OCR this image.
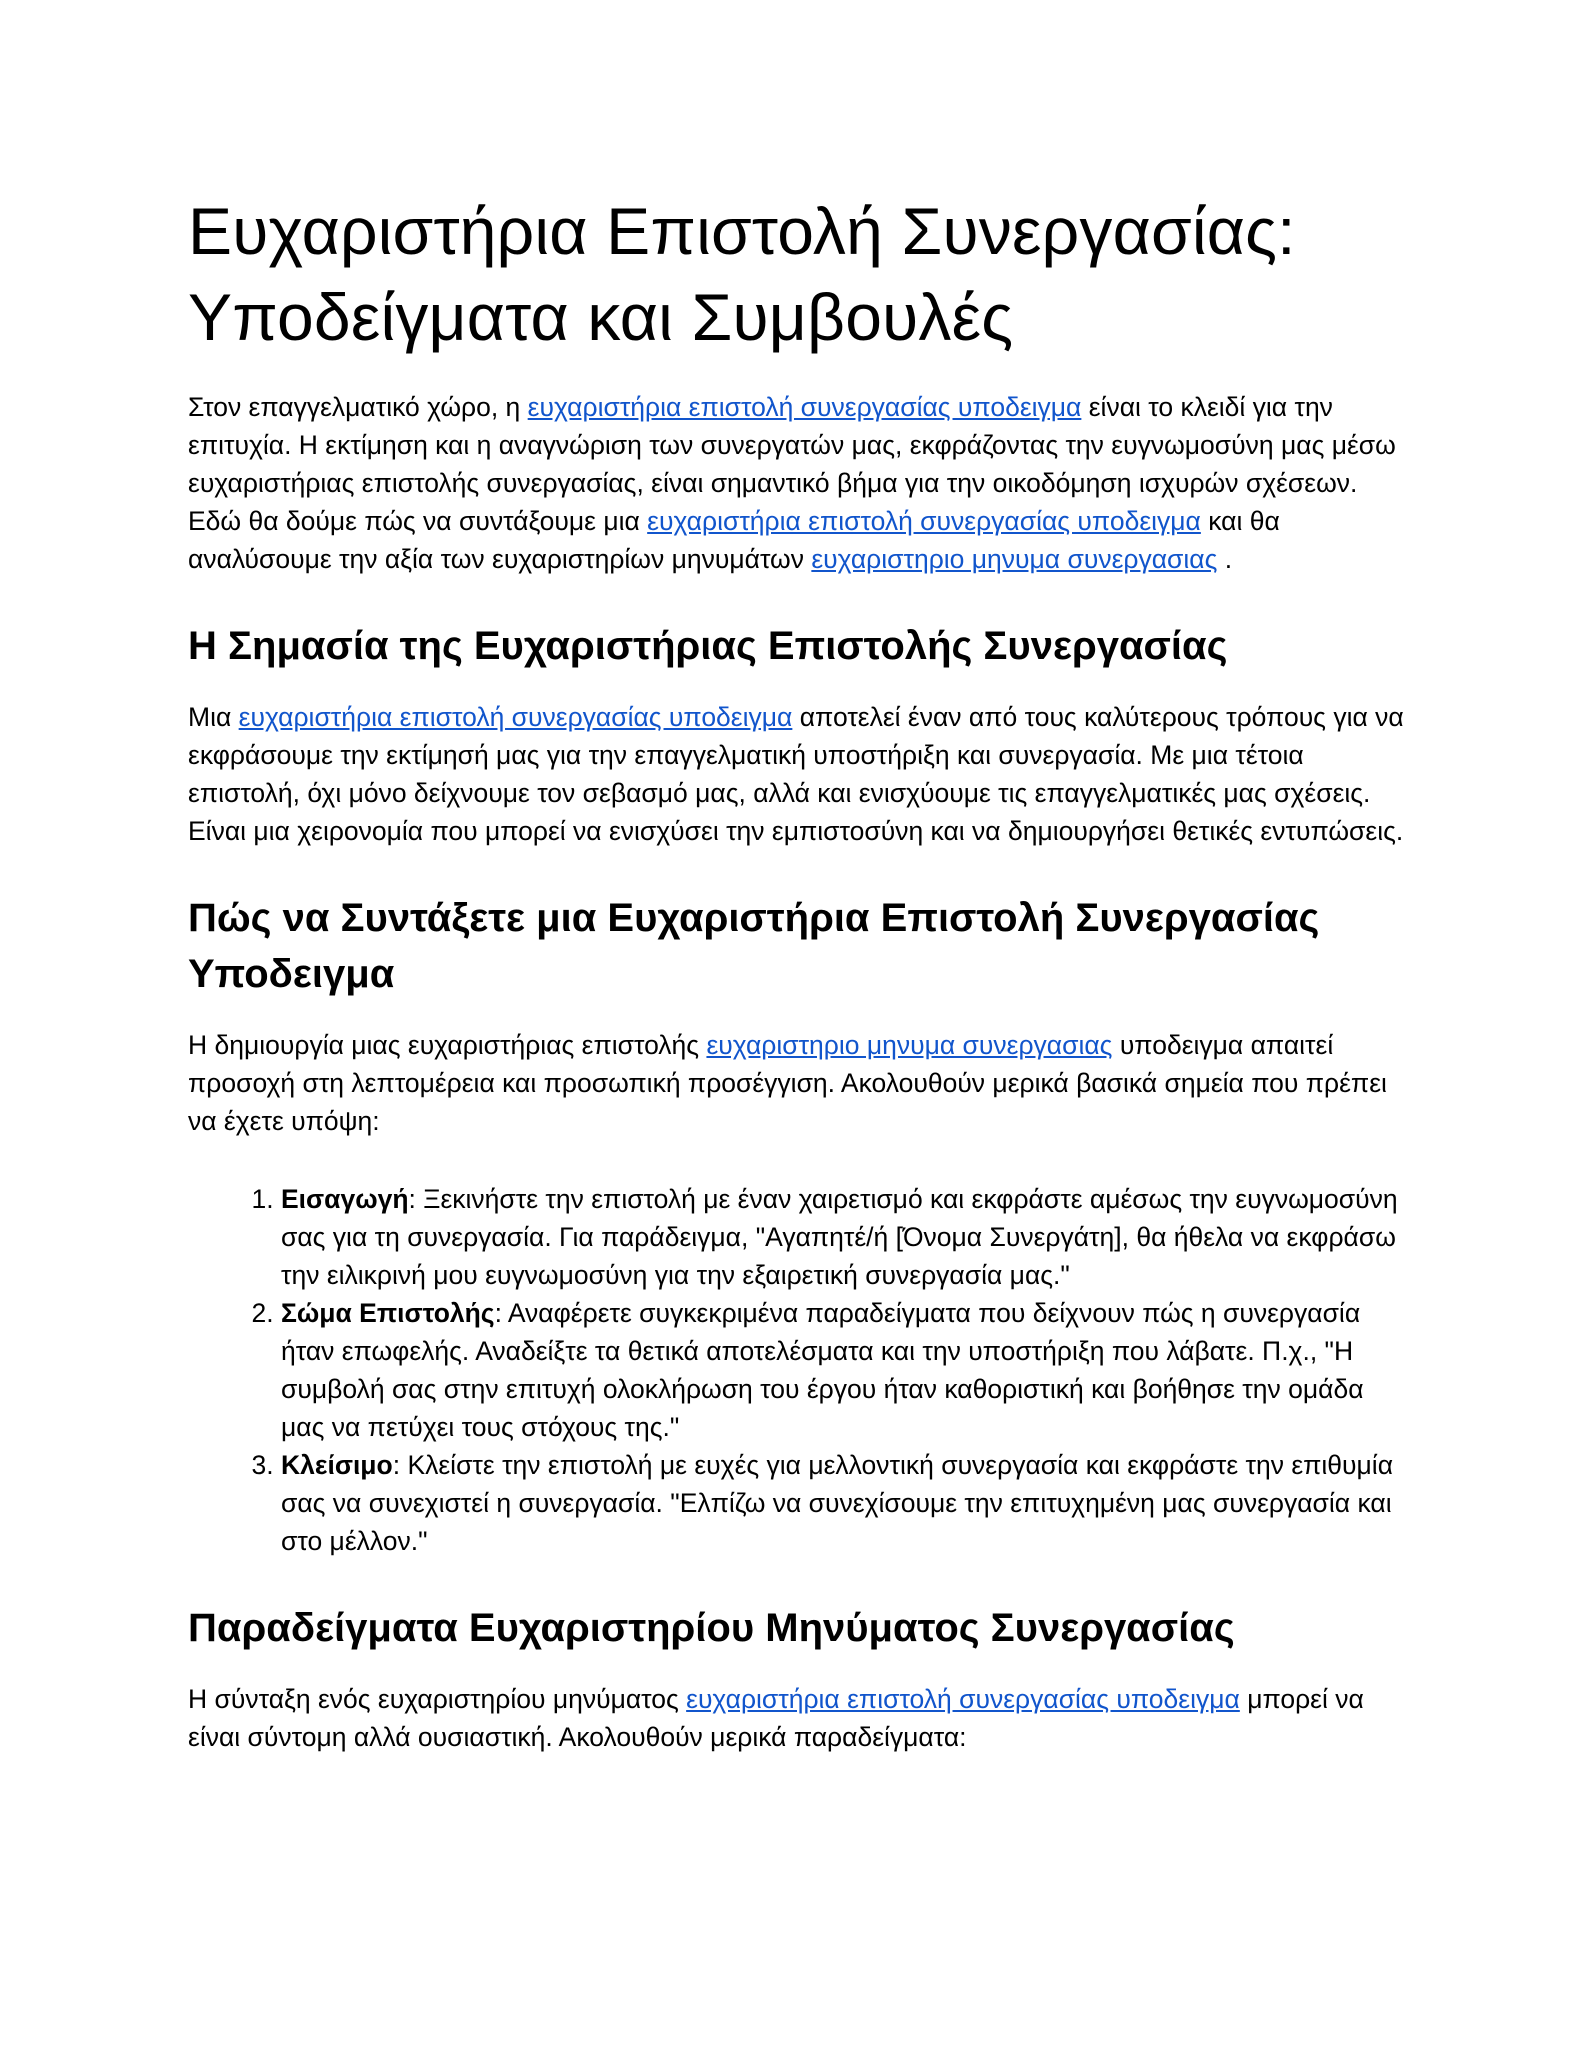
Ευχαριστήρια Επιστολή Συνεργασίας:
Υποδείγματα και Συμβουλές

Στον επαγγελματικό χώρο, η ευχαριστήρια επιστολή συνεργασίας υποδειγμα είναι το κλειδί για την επιτυχία. Η εκτίμηση και η αναγνώριση των συνεργατών μας, εκφράζοντας την ευγνωμοσύνη μας μέσω ευχαριστήριας επιστολής συνεργασίας, είναι σημαντικό βήμα για την οικοδόμηση ισχυρών σχέσεων. Εδώ θα δούμε πώς να συντάξουμε μια ευχαριστήρια επιστολή συνεργασίας υποδειγμα και θα αναλύσουμε την αξία των ευχαριστηρίων μηνυμάτων ευχαριστηριο μηνυμα συνεργασιας .

Η Σημασία της Ευχαριστήριας Επιστολής Συνεργασίας

Μια ευχαριστήρια επιστολή συνεργασίας υποδειγμα αποτελεί έναν από τους καλύτερους τρόπους για να εκφράσουμε την εκτίμησή μας για την επαγγελματική υποστήριξη και συνεργασία. Με μια τέτοια επιστολή, όχι μόνο δείχνουμε τον σεβασμό μας, αλλά και ενισχύουμε τις επαγγελματικές μας σχέσεις. Είναι μια χειρονομία που μπορεί να ενισχύσει την εμπιστοσύνη και να δημιουργήσει θετικές εντυπώσεις.

Πώς να Συντάξετε μια Ευχαριστήρια Επιστολή Συνεργασίας Υποδειγμα

Η δημιουργία μιας ευχαριστήριας επιστολής ευχαριστηριο μηνυμα συνεργασιας υποδειγμα απαιτεί προσοχή στη λεπτομέρεια και προσωπική προσέγγιση. Ακολουθούν μερικά βασικά σημεία που πρέπει να έχετε υπόψη:

1. Εισαγωγή: Ξεκινήστε την επιστολή με έναν χαιρετισμό και εκφράστε αμέσως την ευγνωμοσύνη σας για τη συνεργασία. Για παράδειγμα, "Αγαπητέ/ή [Όνομα Συνεργάτη], θα ήθελα να εκφράσω την ειλικρινή μου ευγνωμοσύνη για την εξαιρετική συνεργασία μας."
2. Σώμα Επιστολής: Αναφέρετε συγκεκριμένα παραδείγματα που δείχνουν πώς η συνεργασία ήταν επωφελής. Αναδείξτε τα θετικά αποτελέσματα και την υποστήριξη που λάβατε. Π.χ., "Η συμβολή σας στην επιτυχή ολοκλήρωση του έργου ήταν καθοριστική και βοήθησε την ομάδα μας να πετύχει τους στόχους της."
3. Κλείσιμο: Κλείστε την επιστολή με ευχές για μελλοντική συνεργασία και εκφράστε την επιθυμία σας να συνεχιστεί η συνεργασία. "Ελπίζω να συνεχίσουμε την επιτυχημένη μας συνεργασία και στο μέλλον."
Παραδείγματα Ευχαριστηρίου Μηνύματος Συνεργασίας

Η σύνταξη ενός ευχαριστηρίου μηνύματος ευχαριστήρια επιστολή συνεργασίας υποδειγμα μπορεί να είναι σύντομη αλλά ουσιαστική. Ακολουθούν μερικά παραδείγματα:
